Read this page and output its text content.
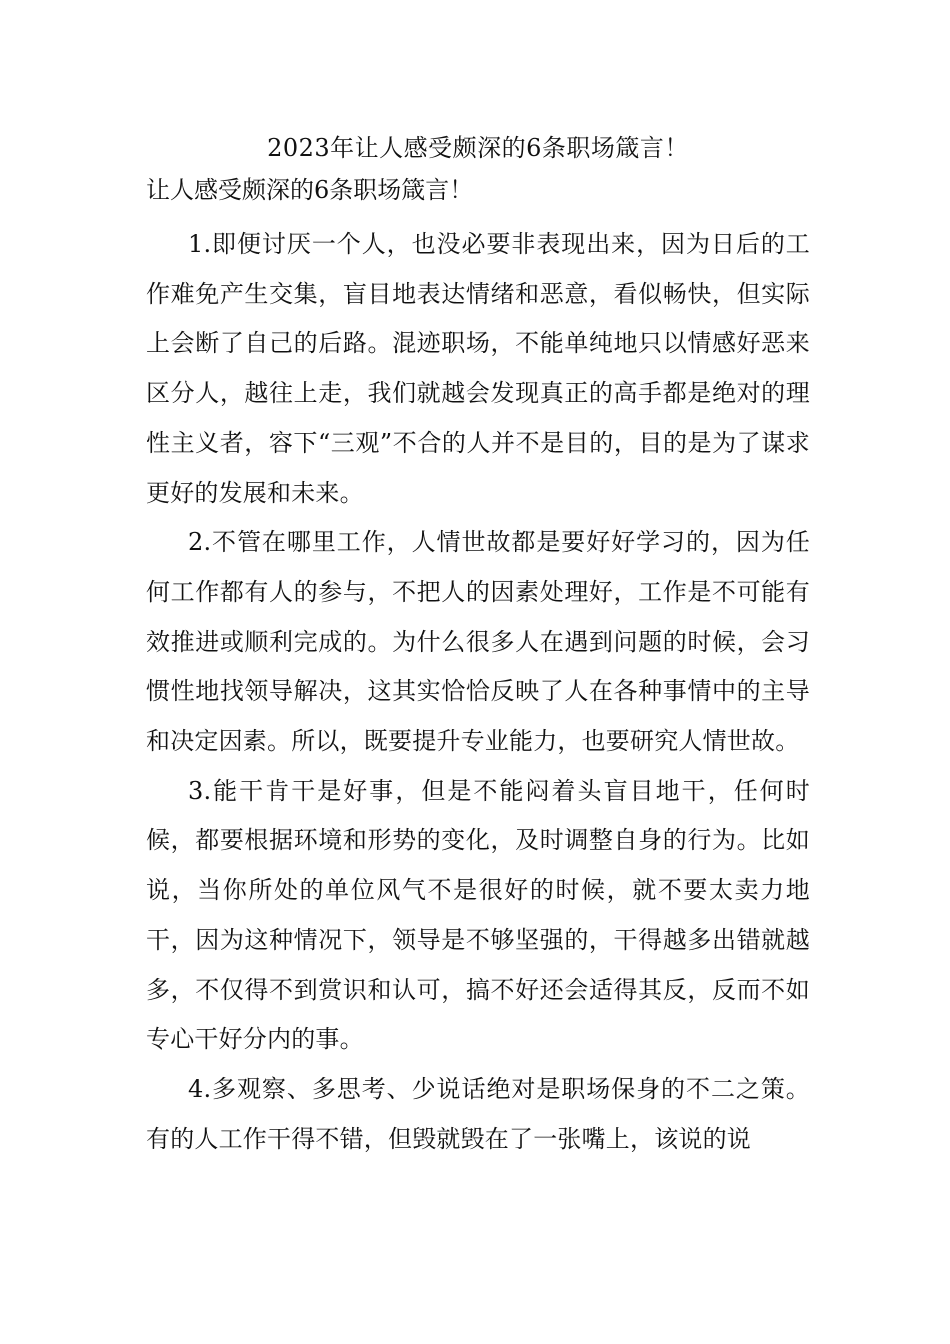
2023年让人感受颇深的6条职场箴言！

让人感受颇深的6条职场箴言！

1.即便讨厌一个人，也没必要非表现出来，因为日后的工作难免产生交集，盲目地表达情绪和恶意，看似畅快，但实际上会断了自己的后路。混迹职场，不能单纯地只以情感好恶来区分人，越往上走，我们就越会发现真正的高手都是绝对的理性主义者，容下“三观”不合的人并不是目的，目的是为了谋求更好的发展和未来。

2.不管在哪里工作，人情世故都是要好好学习的，因为任何工作都有人的参与，不把人的因素处理好，工作是不可能有效推进或顺利完成的。为什么很多人在遇到问题的时候，会习惯性地找领导解决，这其实恰恰反映了人在各种事情中的主导和决定因素。所以，既要提升专业能力，也要研究人情世故。

3.能干肯干是好事，但是不能闷着头盲目地干，任何时候，都要根据环境和形势的变化，及时调整自身的行为。比如说，当你所处的单位风气不是很好的时候，就不要太卖力地干，因为这种情况下，领导是不够坚强的，干得越多出错就越多，不仅得不到赏识和认可，搞不好还会适得其反，反而不如专心干好分内的事。

4.多观察、多思考、少说话绝对是职场保身的不二之策。有的人工作干得不错，但毁就毁在了一张嘴上，该说的说
